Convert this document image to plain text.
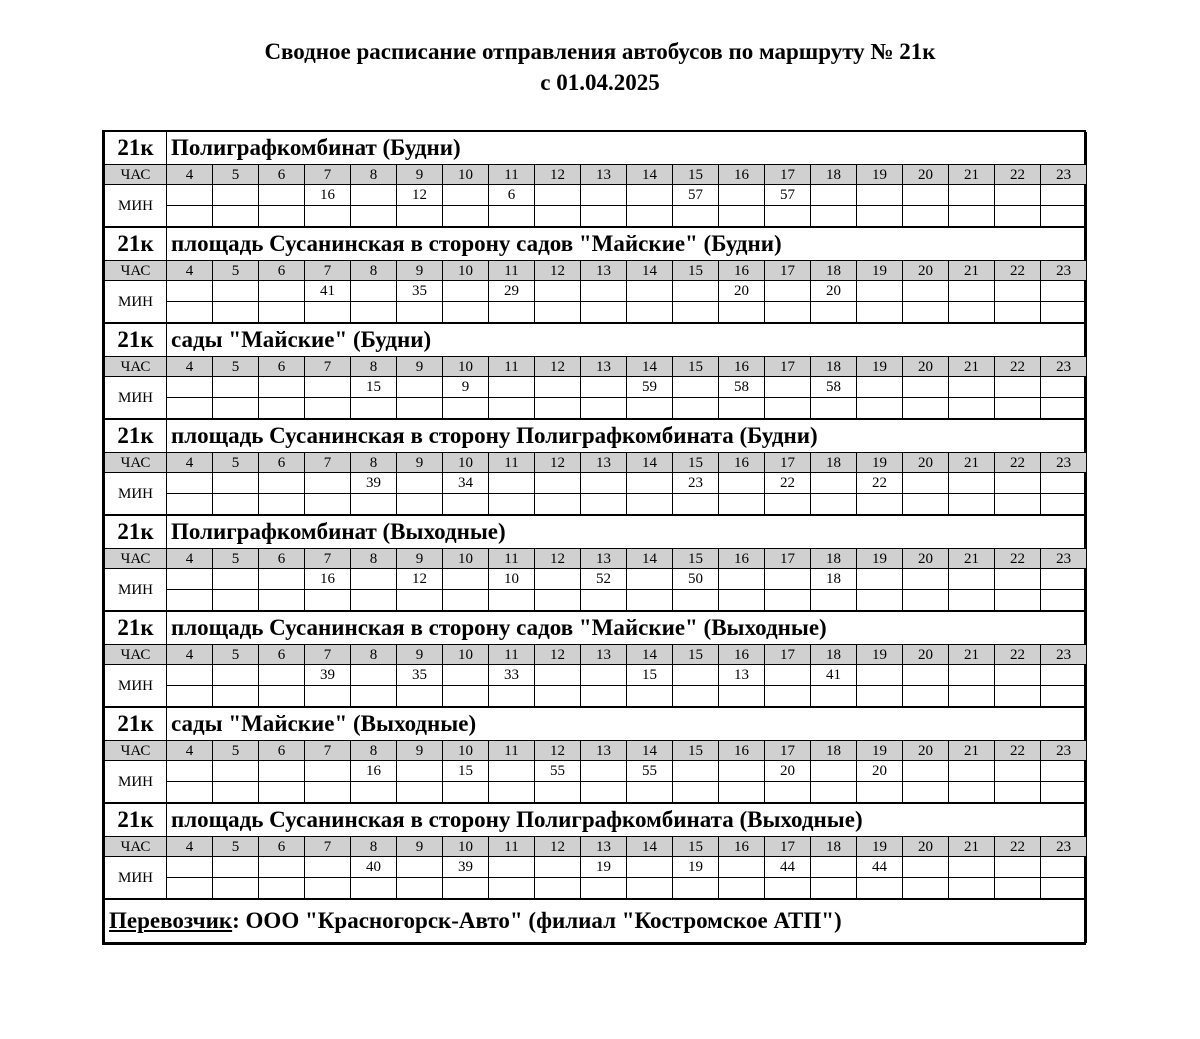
Сводное расписание отправления автобусов по маршруту № 21к
с 01.04.2025
21к	Полиграфкомбинат (Будни)																			
ЧАС	4	5	6	7	8	9	10	11	12	13	14	15	16	17	18	19	20	21	22	23
МИН				16		12		6				57		57						

21к	площадь Сусанинская в сторону садов "Майские" (Будни)																			
ЧАС	4	5	6	7	8	9	10	11	12	13	14	15	16	17	18	19	20	21	22	23
МИН				41		35		29					20		20					

21к	сады "Майские" (Будни)																			
ЧАС	4	5	6	7	8	9	10	11	12	13	14	15	16	17	18	19	20	21	22	23
МИН					15		9				59		58		58					

21к	площадь Сусанинская в сторону Полиграфкомбината (Будни)																			
ЧАС	4	5	6	7	8	9	10	11	12	13	14	15	16	17	18	19	20	21	22	23
МИН					39		34					23		22		22				

21к	Полиграфкомбинат (Выходные)																			
ЧАС	4	5	6	7	8	9	10	11	12	13	14	15	16	17	18	19	20	21	22	23
МИН				16		12		10		52		50			18					

21к	площадь Сусанинская в сторону садов "Майские" (Выходные)																			
ЧАС	4	5	6	7	8	9	10	11	12	13	14	15	16	17	18	19	20	21	22	23
МИН				39		35		33			15		13		41					

21к	сады "Майские" (Выходные)																			
ЧАС	4	5	6	7	8	9	10	11	12	13	14	15	16	17	18	19	20	21	22	23
МИН					16		15		55		55			20		20				

21к	площадь Сусанинская в сторону Полиграфкомбината (Выходные)																			
ЧАС	4	5	6	7	8	9	10	11	12	13	14	15	16	17	18	19	20	21	22	23
МИН					40		39			19		19		44		44				

Перевозчик: ООО "Красногорск-Авто" (филиал "Костромское АТП")																				
